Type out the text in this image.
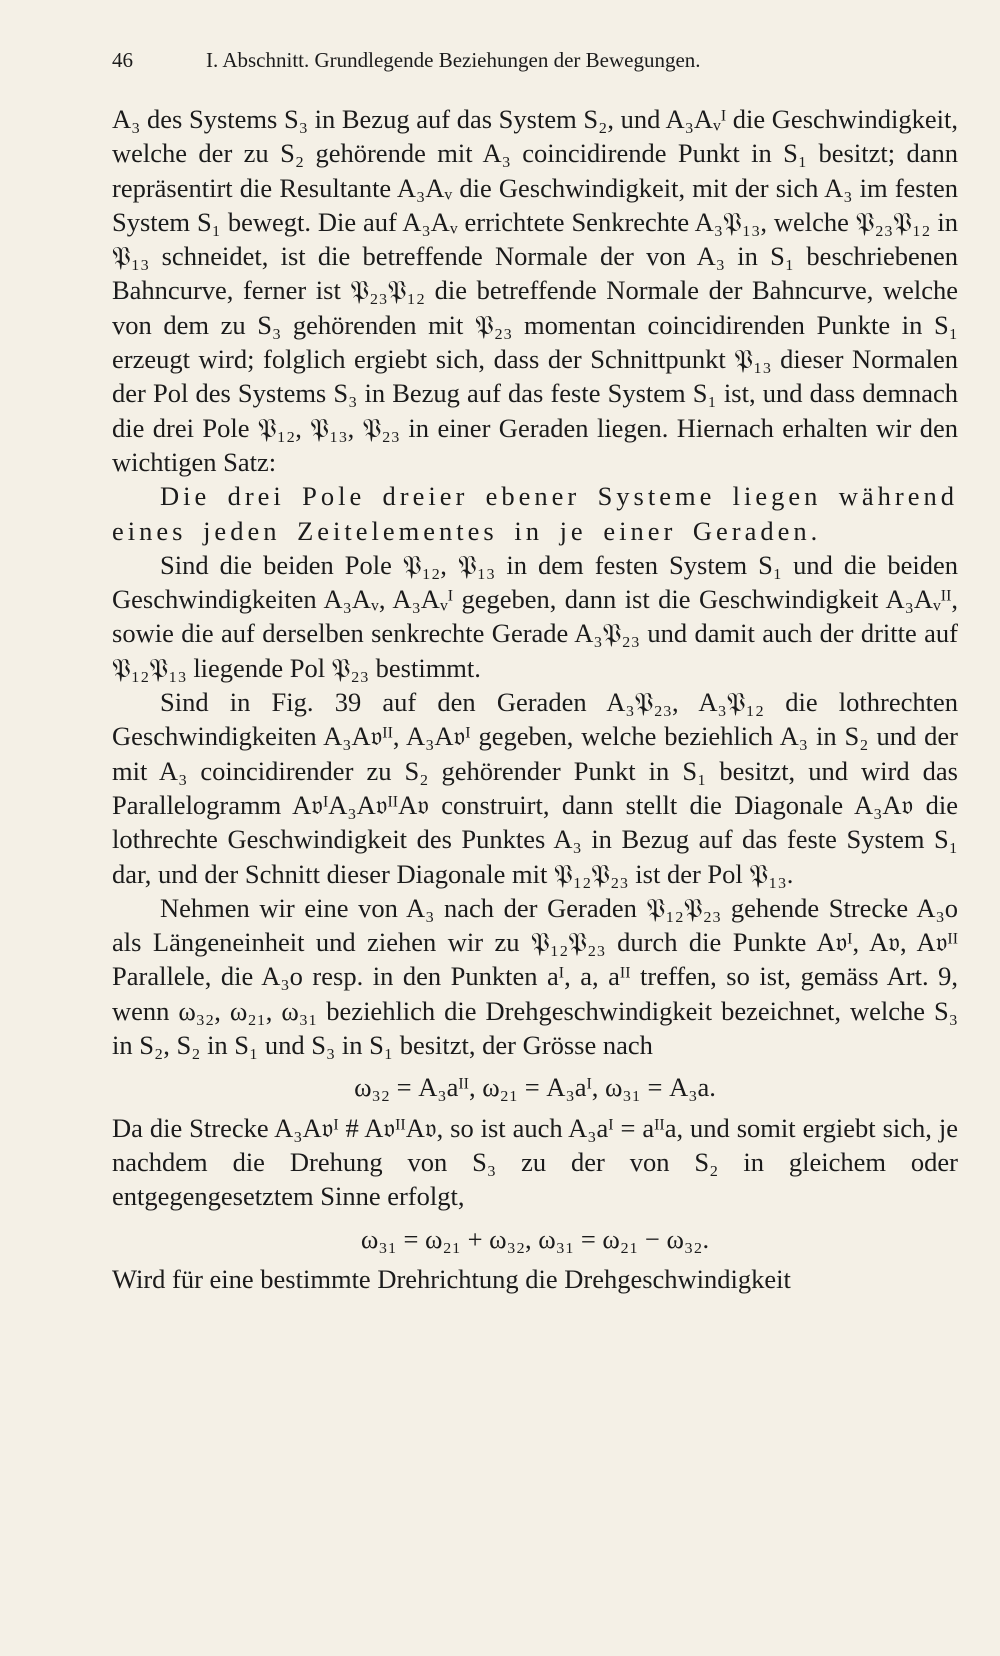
46	I. Abschnitt. Grundlegende Beziehungen der Bewegungen.

A₃ des Systems S₃ in Bezug auf das System S₂, und A₃Aᵥᴵ die Geschwindigkeit, welche der zu S₂ gehörende mit A₃ coincidirende Punkt in S₁ besitzt; dann repräsentirt die Resultante A₃Aᵥ die Geschwindigkeit, mit der sich A₃ im festen System S₁ bewegt. Die auf A₃Aᵥ errichtete Senkrechte A₃𝔓₁₃, welche 𝔓₂₃𝔓₁₂ in 𝔓₁₃ schneidet, ist die betreffende Normale der von A₃ in S₁ beschriebenen Bahncurve, ferner ist 𝔓₂₃𝔓₁₂ die betreffende Normale der Bahncurve, welche von dem zu S₃ gehörenden mit 𝔓₂₃ momentan coincidirenden Punkte in S₁ erzeugt wird; folglich ergiebt sich, dass der Schnittpunkt 𝔓₁₃ dieser Normalen der Pol des Systems S₃ in Bezug auf das feste System S₁ ist, und dass demnach die drei Pole 𝔓₁₂, 𝔓₁₃, 𝔓₂₃ in einer Geraden liegen. Hiernach erhalten wir den wichtigen Satz:

Die drei Pole dreier ebener Systeme liegen während eines jeden Zeitelementes in je einer Geraden.

Sind die beiden Pole 𝔓₁₂, 𝔓₁₃ in dem festen System S₁ und die beiden Geschwindigkeiten A₃Aᵥ, A₃Aᵥᴵ gegeben, dann ist die Geschwindigkeit A₃Aᵥᴵᴵ, sowie die auf derselben senkrechte Gerade A₃𝔓₂₃ und damit auch der dritte auf 𝔓₁₂𝔓₁₃ liegende Pol 𝔓₂₃ bestimmt.

Sind in Fig. 39 auf den Geraden A₃𝔓₂₃, A₃𝔓₁₂ die lothrechten Geschwindigkeiten A₃A𝔳ᴵᴵ, A₃A𝔳ᴵ gegeben, welche beziehlich A₃ in S₂ und der mit A₃ coincidirender zu S₂ gehörender Punkt in S₁ besitzt, und wird das Parallelogramm A𝔳ᴵA₃A𝔳ᴵᴵA𝔳 construirt, dann stellt die Diagonale A₃A𝔳 die lothrechte Geschwindigkeit des Punktes A₃ in Bezug auf das feste System S₁ dar, und der Schnitt dieser Diagonale mit 𝔓₁₂𝔓₂₃ ist der Pol 𝔓₁₃.

Nehmen wir eine von A₃ nach der Geraden 𝔓₁₂𝔓₂₃ gehende Strecke A₃o als Längeneinheit und ziehen wir zu 𝔓₁₂𝔓₂₃ durch die Punkte A𝔳ᴵ, A𝔳, A𝔳ᴵᴵ Parallele, die A₃o resp. in den Punkten aᴵ, a, aᴵᴵ treffen, so ist, gemäss Art. 9, wenn ω₃₂, ω₂₁, ω₃₁ beziehlich die Drehgeschwindigkeit bezeichnet, welche S₃ in S₂, S₂ in S₁ und S₃ in S₁ besitzt, der Grösse nach

ω₃₂ = A₃aᴵᴵ, ω₂₁ = A₃aᴵ, ω₃₁ = A₃a.

Da die Strecke A₃A𝔳ᴵ # A𝔳ᴵᴵA𝔳, so ist auch A₃aᴵ = aᴵᴵa, und somit ergiebt sich, je nachdem die Drehung von S₃ zu der von S₂ in gleichem oder entgegengesetztem Sinne erfolgt,

ω₃₁ = ω₂₁ + ω₃₂, ω₃₁ = ω₂₁ − ω₃₂.

Wird für eine bestimmte Drehrichtung die Drehgeschwindigkeit
